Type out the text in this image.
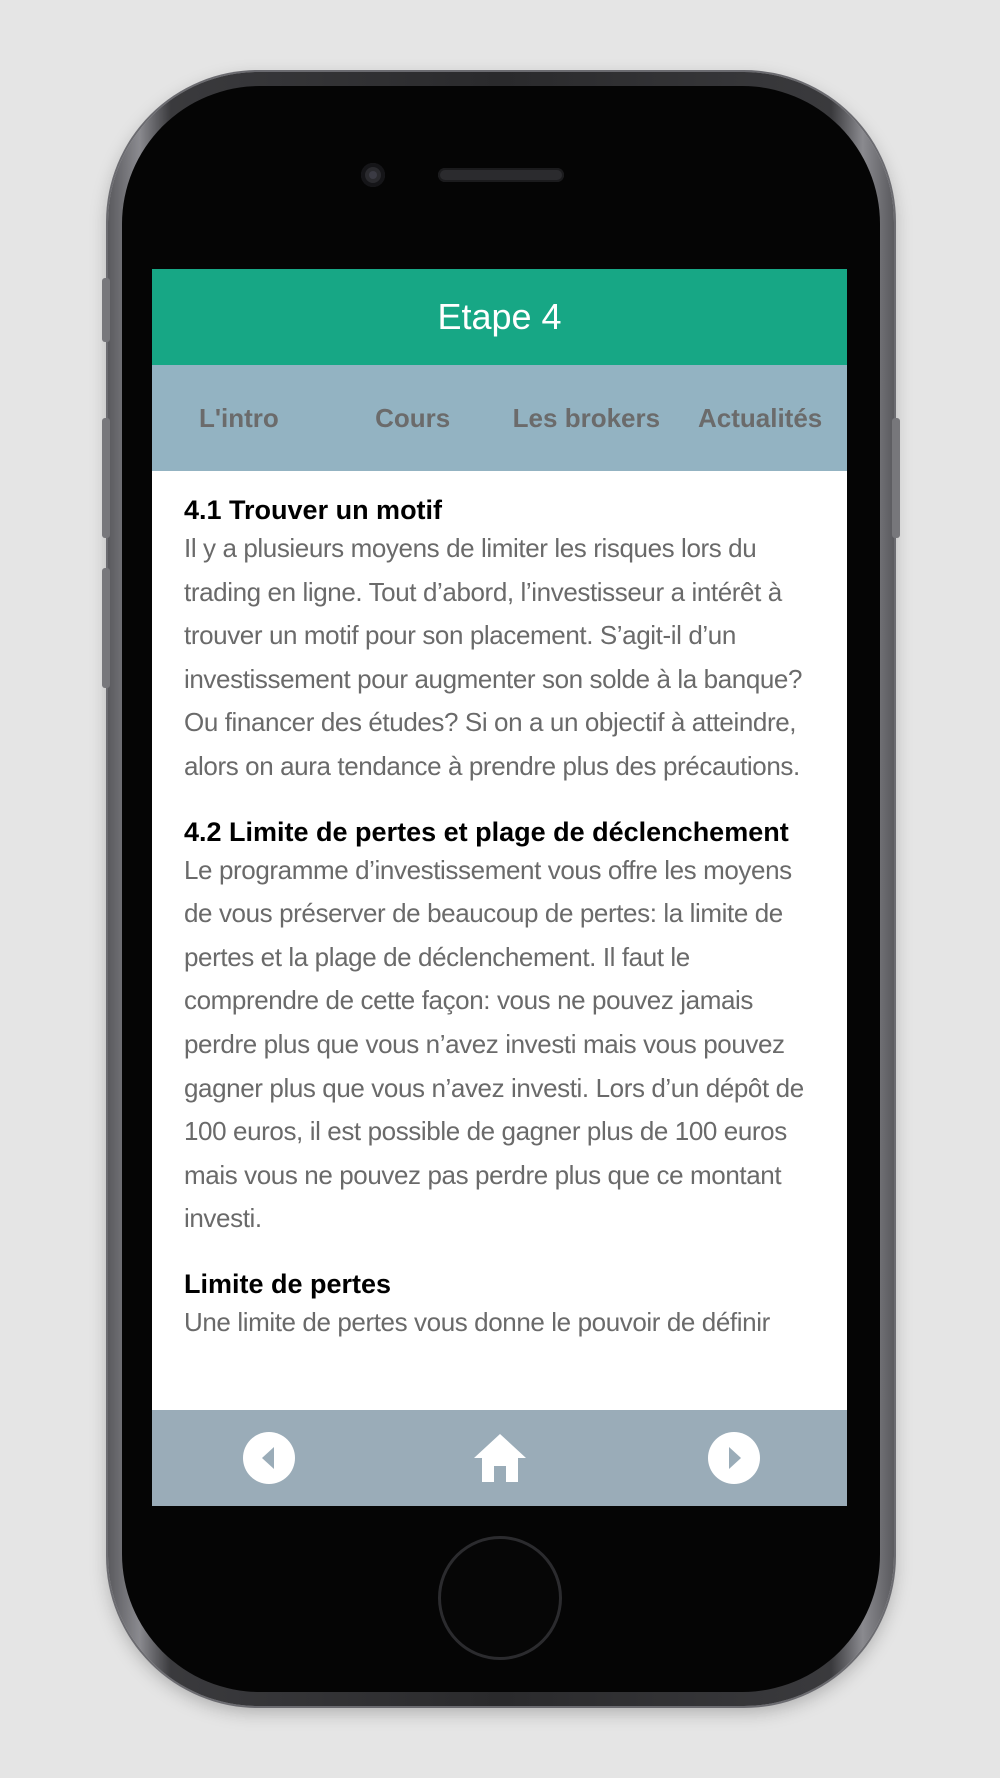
Etape 4
L'intro	Cours	Les brokers	Actualités
4.1 Trouver un motif

Il y a plusieurs moyens de limiter les risques lors du trading en ligne. Tout d’abord, l’investisseur a intérêt à trouver un motif pour son placement. S’agit-il d’un investissement pour augmenter son solde à la banque? Ou financer des études? Si on a un objectif à atteindre, alors on aura tendance à prendre plus des précautions.

4.2 Limite de pertes et plage de déclenchement

Le programme d’investissement vous offre les moyens de vous préserver de beaucoup de pertes: la limite de pertes et la plage de déclenchement. Il faut le comprendre de cette façon: vous ne pouvez jamais perdre plus que vous n’avez investi mais vous pouvez gagner plus que vous n’avez investi. Lors d’un dépôt de 100 euros, il est possible de gagner plus de 100 euros mais vous ne pouvez pas perdre plus que ce montant investi.

Limite de pertes

Une limite de pertes vous donne le pouvoir de définir
